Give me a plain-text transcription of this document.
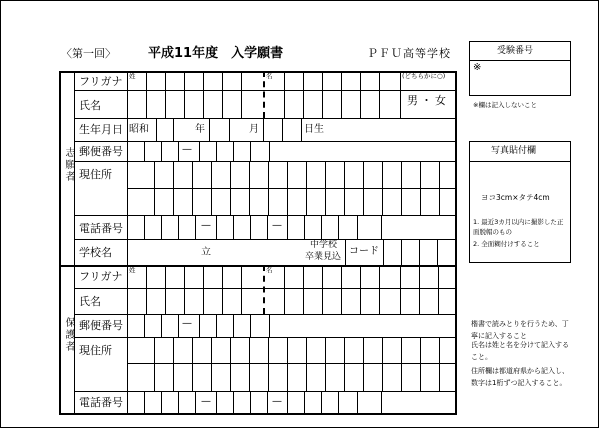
〈第一回〉 平成11年度　入学願書	ＰＦＵ高等学校	受験番号
※
※欄は記入しないこと
写真貼付欄
ヨコ3cm×タテ4cm
1. 最近3カ月以内に撮影した正面脱帽のもの
2. 全面糊付けすること
楷書で読みとりを行うため、丁寧に記入すること
氏名は姓と名を分けて記入すること。
住所欄は都道府県から記入し、数字は1桁ずつ記入すること。
志願者
保護者
フリガナ
氏名
姓	名	(どちらかに○)
男・女
生年月日 昭和	年	月	日生
郵便番号	—
現住所
電話番号	—	—
学校名	立
中学校
卒業見込 コード
フリガナ
氏名
姓	名
郵便番号	—
現住所
電話番号	—	—
